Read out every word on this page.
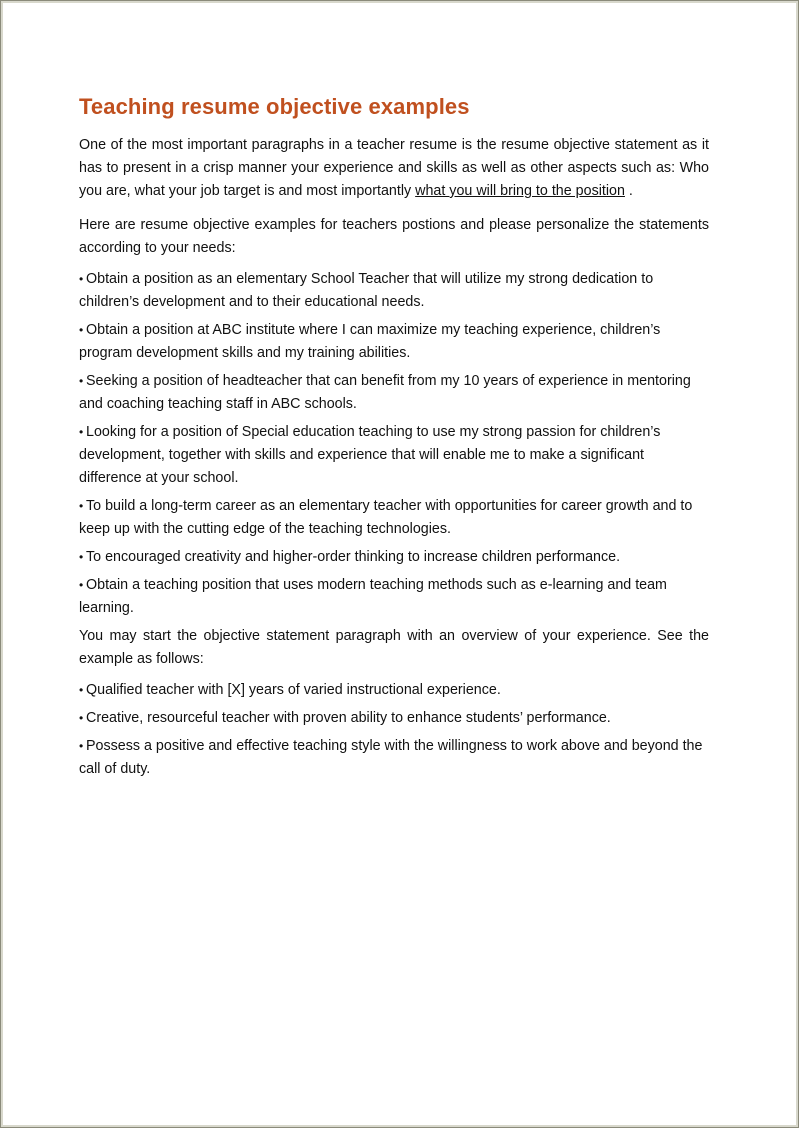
Teaching resume objective examples

One of the most important paragraphs in a teacher resume is the resume objective statement as it has to present in a crisp manner your experience and skills as well as other aspects such as: Who you are, what your job target is and most importantly what you will bring to the position .

Here are resume objective examples for teachers postions and please personalize the statements according to your needs:

• Obtain a position as an elementary School Teacher that will utilize my strong dedication to children’s development and to their educational needs.
• Obtain a position at ABC institute where I can maximize my teaching experience, children’s program development skills and my training abilities.
• Seeking a position of headteacher that can benefit from my 10 years of experience in mentoring and coaching teaching staff in ABC schools.
• Looking for a position of Special education teaching to use my strong passion for children’s development, together with skills and experience that will enable me to make a significant difference at your school.
• To build a long-term career as an elementary teacher with opportunities for career growth and to keep up with the cutting edge of the teaching technologies.
• To encouraged creativity and higher-order thinking to increase children performance.
• Obtain a teaching position that uses modern teaching methods such as e-learning and team learning.

You may start the objective statement paragraph with an overview of your experience. See the example as follows:

• Qualified teacher with [X] years of varied instructional experience.
• Creative, resourceful teacher with proven ability to enhance students’ performance.
• Possess a positive and effective teaching style with the willingness to work above and beyond the call of duty.
